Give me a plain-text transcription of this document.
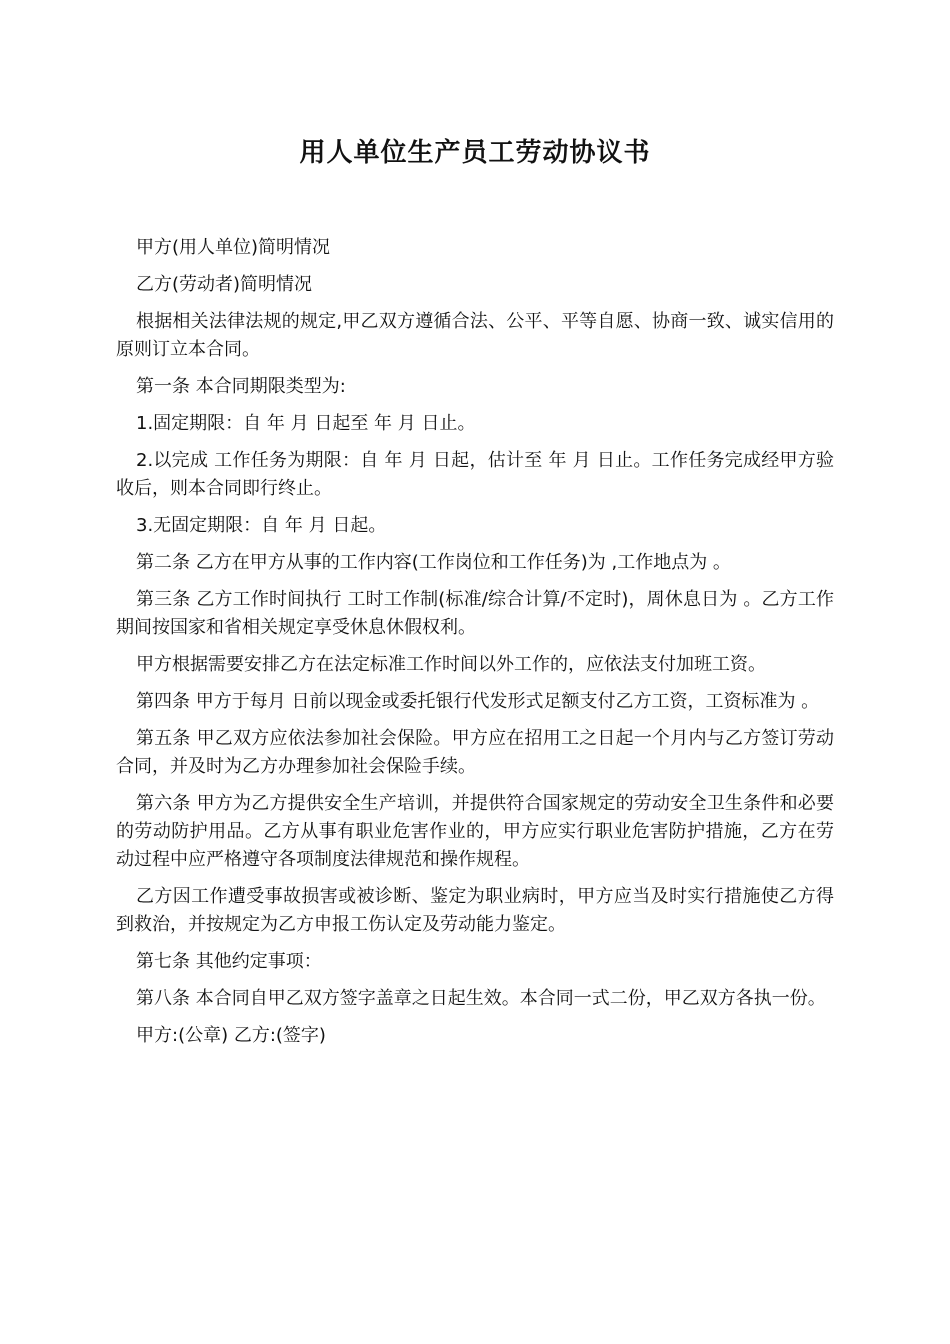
用人单位生产员工劳动协议书

甲方(用人单位)简明情况

乙方(劳动者)简明情况

根据相关法律法规的规定,甲乙双方遵循合法、公平、平等自愿、协商一致、诚实信用的原则订立本合同。

第一条 本合同期限类型为:

1.固定期限：自 年 月 日起至 年 月 日止。

2.以完成 工作任务为期限：自 年 月 日起，估计至 年 月 日止。工作任务完成经甲方验收后，则本合同即行终止。

3.无固定期限：自 年 月 日起。

第二条 乙方在甲方从事的工作内容(工作岗位和工作任务)为 ,工作地点为 。

第三条 乙方工作时间执行 工时工作制(标准/综合计算/不定时)，周休息日为 。乙方工作期间按国家和省相关规定享受休息休假权利。

甲方根据需要安排乙方在法定标准工作时间以外工作的，应依法支付加班工资。

第四条 甲方于每月 日前以现金或委托银行代发形式足额支付乙方工资，工资标准为 。

第五条 甲乙双方应依法参加社会保险。甲方应在招用工之日起一个月内与乙方签订劳动合同，并及时为乙方办理参加社会保险手续。

第六条 甲方为乙方提供安全生产培训，并提供符合国家规定的劳动安全卫生条件和必要的劳动防护用品。乙方从事有职业危害作业的，甲方应实行职业危害防护措施，乙方在劳动过程中应严格遵守各项制度法律规范和操作规程。

乙方因工作遭受事故损害或被诊断、鉴定为职业病时，甲方应当及时实行措施使乙方得到救治，并按规定为乙方申报工伤认定及劳动能力鉴定。

第七条 其他约定事项：

第八条 本合同自甲乙双方签字盖章之日起生效。本合同一式二份，甲乙双方各执一份。

甲方:(公章) 乙方:(签字)
